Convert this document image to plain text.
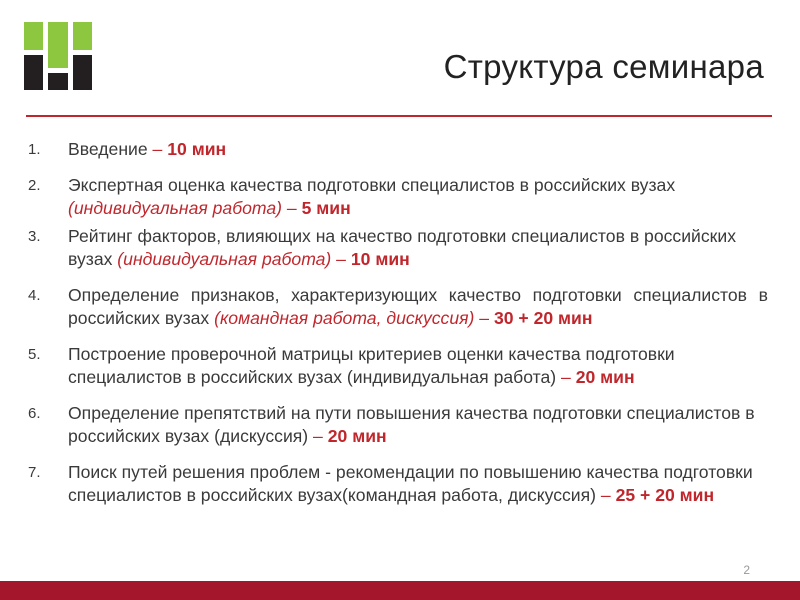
Структура семинара
1.	Введение – 10 мин
2.	Экспертная оценка качества подготовки специалистов в российских вузах (индивидуальная работа) – 5 мин
3.	Рейтинг факторов, влияющих на качество подготовки специалистов в российских вузах (индивидуальная работа) – 10 мин
4.	Определение признаков, характеризующих качество подготовки специалистов в российских вузах (командная работа, дискуссия) – 30 + 20 мин
5.	Построение проверочной матрицы критериев оценки качества подготовки специалистов в российских вузах (индивидуальная работа) – 20 мин
6.	Определение препятствий на пути повышения качества подготовки специалистов в российских вузах (дискуссия) – 20 мин
7.	Поиск путей решения проблем - рекомендации по повышению качества подготовки специалистов в российских вузах(командная работа, дискуссия) – 25 + 20 мин
2
